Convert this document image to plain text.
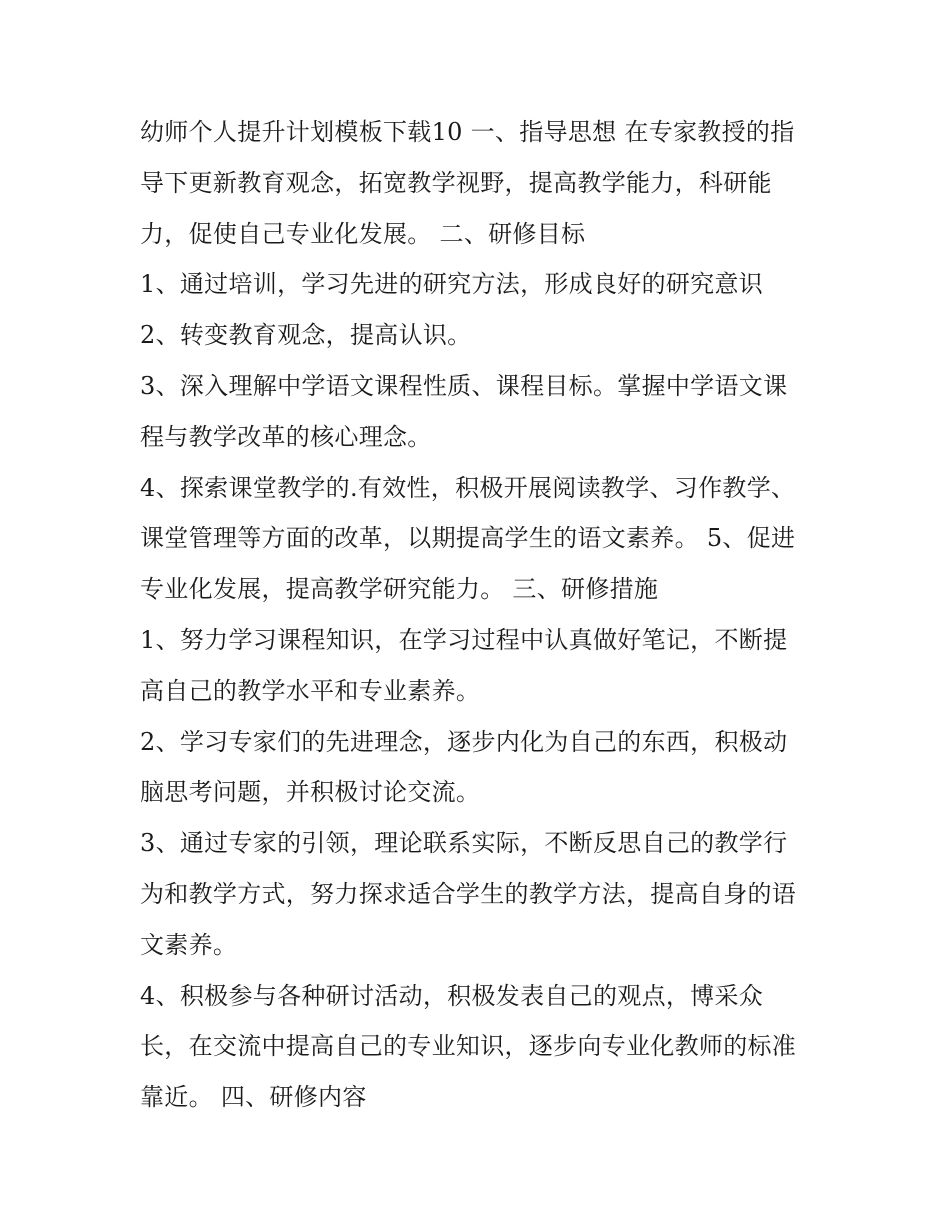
幼师个人提升计划模板下载10 一、指导思想 在专家教授的指
导下更新教育观念，拓宽教学视野，提高教学能力，科研能
力，促使自己专业化发展。 二、研修目标
1、通过培训，学习先进的研究方法，形成良好的研究意识
2、转变教育观念，提高认识。
3、深入理解中学语文课程性质、课程目标。掌握中学语文课
程与教学改革的核心理念。
4、探索课堂教学的.有效性，积极开展阅读教学、习作教学、
课堂管理等方面的改革，以期提高学生的语文素养。 5、促进
专业化发展，提高教学研究能力。 三、研修措施
1、努力学习课程知识，在学习过程中认真做好笔记，不断提
高自己的教学水平和专业素养。
2、学习专家们的先进理念，逐步内化为自己的东西，积极动
脑思考问题，并积极讨论交流。
3、通过专家的引领，理论联系实际，不断反思自己的教学行
为和教学方式，努力探求适合学生的教学方法，提高自身的语
文素养。
4、积极参与各种研讨活动，积极发表自己的观点，博采众
长，在交流中提高自己的专业知识，逐步向专业化教师的标准
靠近。 四、研修内容
